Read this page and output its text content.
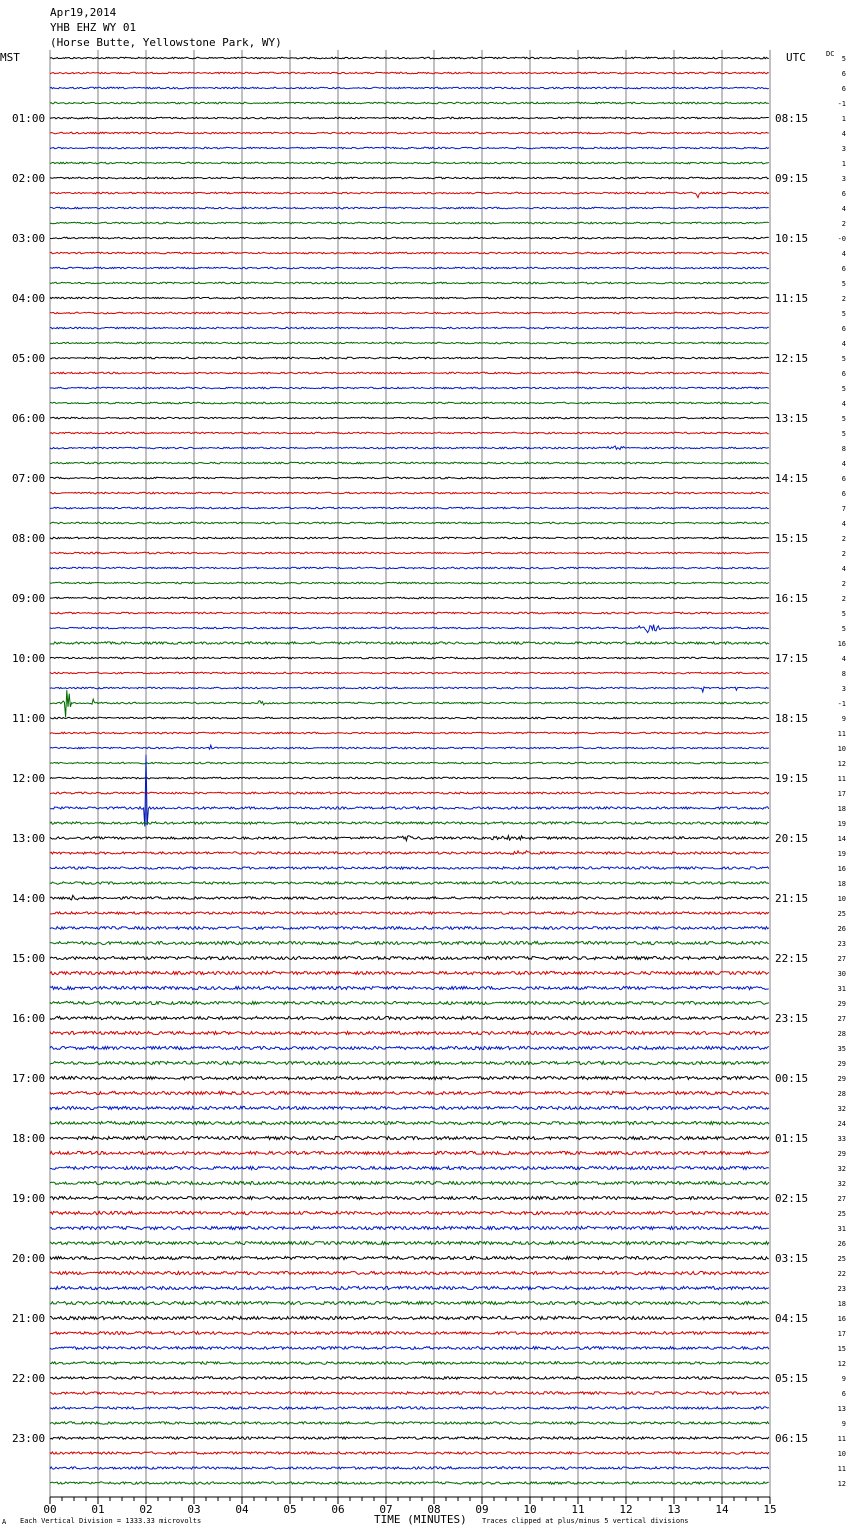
Apr19,2014
YHB EHZ WY 01
(Horse Butte, Yellowstone Park, WY)
MST	UTC	DC
01:00
02:00
03:00
04:00
05:00
06:00
07:00
08:00
09:00
10:00
11:00
12:00
13:00
14:00
15:00
16:00
17:00
18:00
19:00
20:00
21:00
22:00
23:00
08:15
09:15
10:15
11:15
12:15
13:15
14:15
15:15
16:15
17:15
18:15
19:15
20:15
21:15
22:15
23:15
00:15
01:15
02:15
03:15
04:15
05:15
06:15
5
6
6
-1
1
4
3
1
3
6
4
2
-0
4
6
5
2
5
6
4
5
6
5
4
5
5
8
4
6
6
7
4
2
2
4
2
2
5
5
16
4
8
3
-1
9
11
10
12
11
17
18
19
14
19
16
18
10
25
26
23
27
30
31
29
27
28
35
29
29
28
32
24
33
29
32
32
27
25
31
26
25
22
23
18
16
17
15
12
9
6
13
9
11
10
11
12
00	01	02	03	04	05	06	07	08	09	10	11	12	13	14	15
A Each Vertical Division = 1333.33 microvolts	TIME (MINUTES) Traces clipped at plus/minus 5 vertical divisions
